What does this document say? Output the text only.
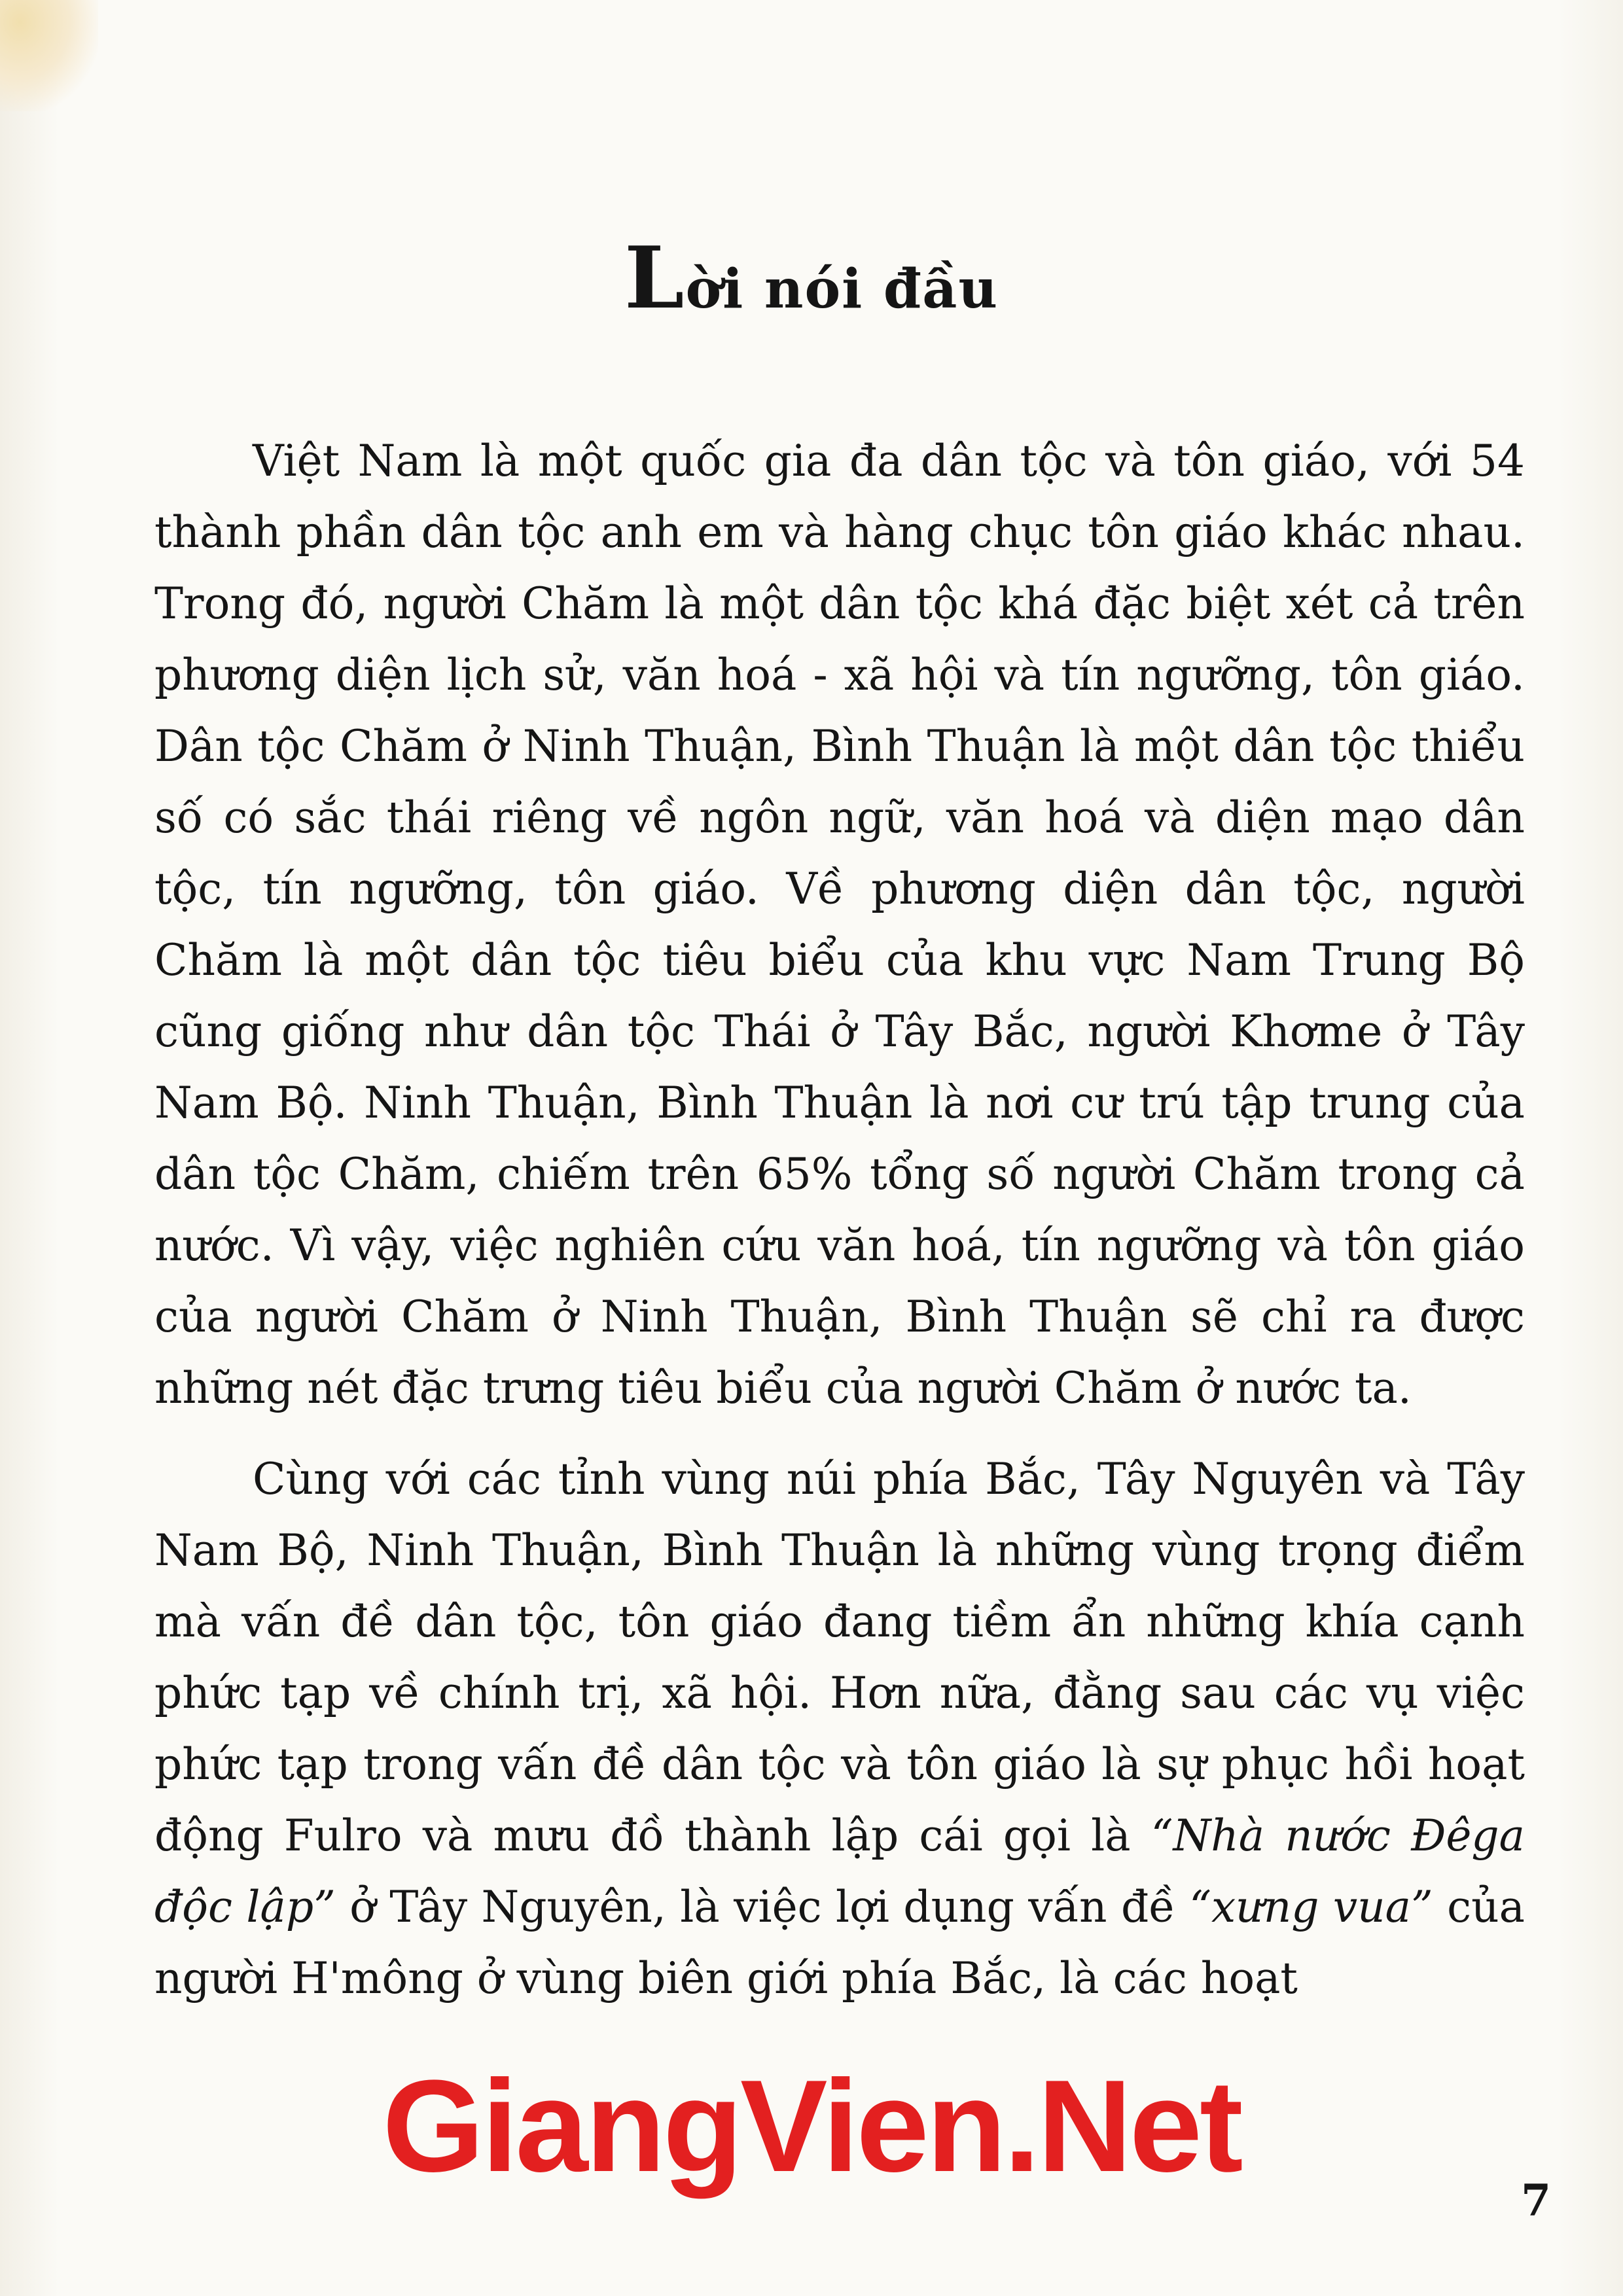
Lời nói đầu

Việt Nam là một quốc gia đa dân tộc và tôn giáo, với 54 thành phần dân tộc anh em và hàng chục tôn giáo khác nhau. Trong đó, người Chăm là một dân tộc khá đặc biệt xét cả trên phương diện lịch sử, văn hoá - xã hội và tín ngưỡng, tôn giáo. Dân tộc Chăm ở Ninh Thuận, Bình Thuận là một dân tộc thiểu số có sắc thái riêng về ngôn ngữ, văn hoá và diện mạo dân tộc, tín ngưỡng, tôn giáo. Về phương diện dân tộc, người Chăm là một dân tộc tiêu biểu của khu vực Nam Trung Bộ cũng giống như dân tộc Thái ở Tây Bắc, người Khơme ở Tây Nam Bộ. Ninh Thuận, Bình Thuận là nơi cư trú tập trung của dân tộc Chăm, chiếm trên 65% tổng số người Chăm trong cả nước. Vì vậy, việc nghiên cứu văn hoá, tín ngưỡng và tôn giáo của người Chăm ở Ninh Thuận, Bình Thuận sẽ chỉ ra được những nét đặc trưng tiêu biểu của người Chăm ở nước ta.

Cùng với các tỉnh vùng núi phía Bắc, Tây Nguyên và Tây Nam Bộ, Ninh Thuận, Bình Thuận là những vùng trọng điểm mà vấn đề dân tộc, tôn giáo đang tiềm ẩn những khía cạnh phức tạp về chính trị, xã hội. Hơn nữa, đằng sau các vụ việc phức tạp trong vấn đề dân tộc và tôn giáo là sự phục hồi hoạt động Fulro và mưu đồ thành lập cái gọi là “Nhà nước Đêga độc lập” ở Tây Nguyên, là việc lợi dụng vấn đề “xưng vua” của người H'mông ở vùng biên giới phía Bắc, là các hoạt

GiangVien.Net
7
